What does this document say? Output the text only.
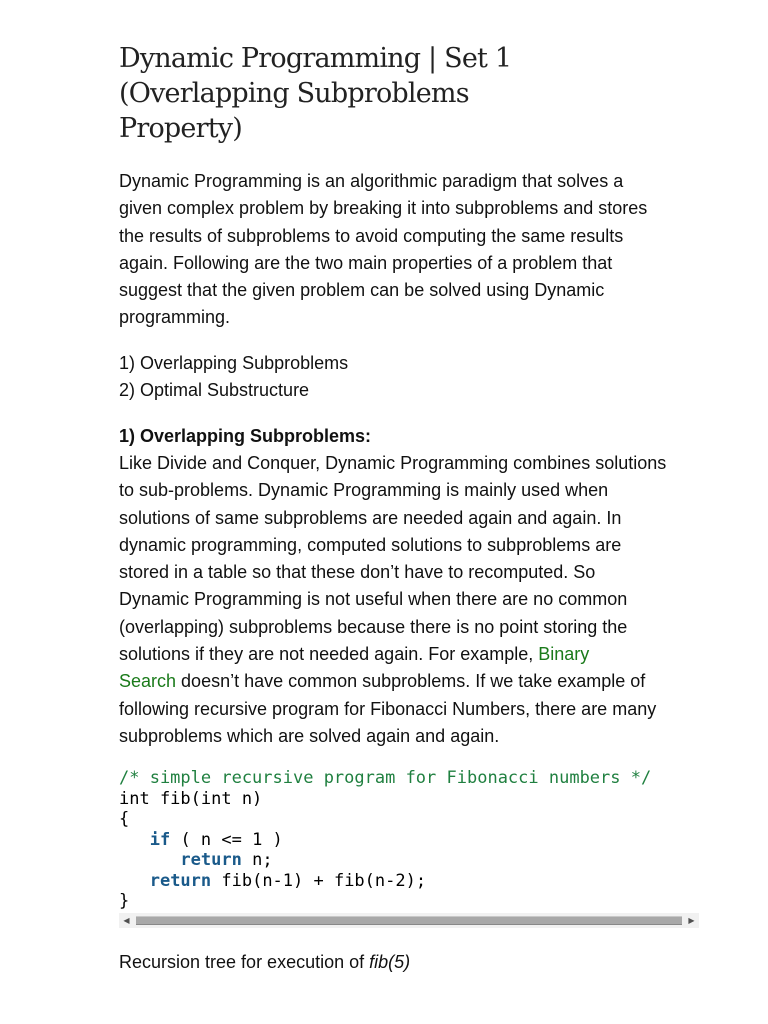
Dynamic Programming | Set 1
(Overlapping Subproblems
Property)

Dynamic Programming is an algorithmic paradigm that solves a
given complex problem by breaking it into subproblems and stores
the results of subproblems to avoid computing the same results
again. Following are the two main properties of a problem that
suggest that the given problem can be solved using Dynamic
programming.

1) Overlapping Subproblems
2) Optimal Substructure

1) Overlapping Subproblems:

Like Divide and Conquer, Dynamic Programming combines solutions
to sub-problems. Dynamic Programming is mainly used when
solutions of same subproblems are needed again and again. In
dynamic programming, computed solutions to subproblems are
stored in a table so that these don’t have to recomputed. So
Dynamic Programming is not useful when there are no common
(overlapping) subproblems because there is no point storing the
solutions if they are not needed again. For example, Binary
Search doesn’t have common subproblems. If we take example of
following recursive program for Fibonacci Numbers, there are many
subproblems which are solved again and again.

/* simple recursive program for Fibonacci numbers */
int fib(int n)
{
if ( n <= 1 )
return n;
return fib(n-1) + fib(n-2);
}
◀	▶

Recursion tree for execution of fib(5)
